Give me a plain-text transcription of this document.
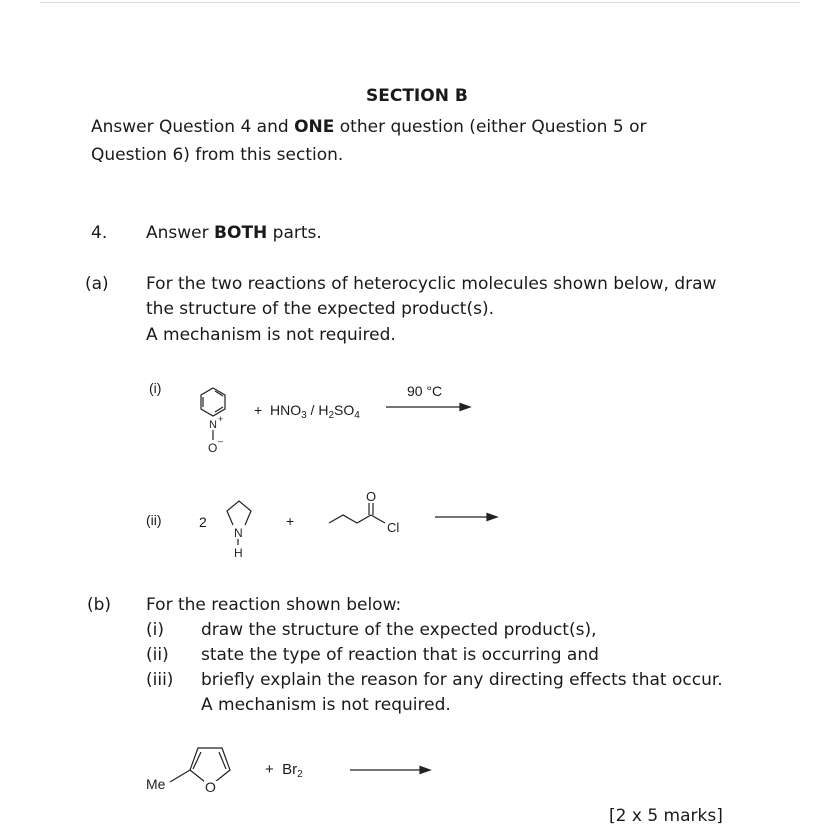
SECTION B
Answer Question 4 and ONE other question (either Question 5 or
Question 6) from this section.
4. Answer BOTH parts.
(a) For the two reactions of heterocyclic molecules shown below, draw
the structure of the expected product(s).
A mechanism is not required.
(i)
N +
O –
+ $HNO_3 / H_2SO_4$
90 °C
(ii)	2
N
H
+
O
Cl
(b) For the reaction shown below:
(i) draw the structure of the expected product(s),
(ii) state the type of reaction that is occurring and
(iii) briefly explain the reason for any directing effects that occur.
A mechanism is not required.
Me	O
+ $Br_2$
[2 x 5 marks]
